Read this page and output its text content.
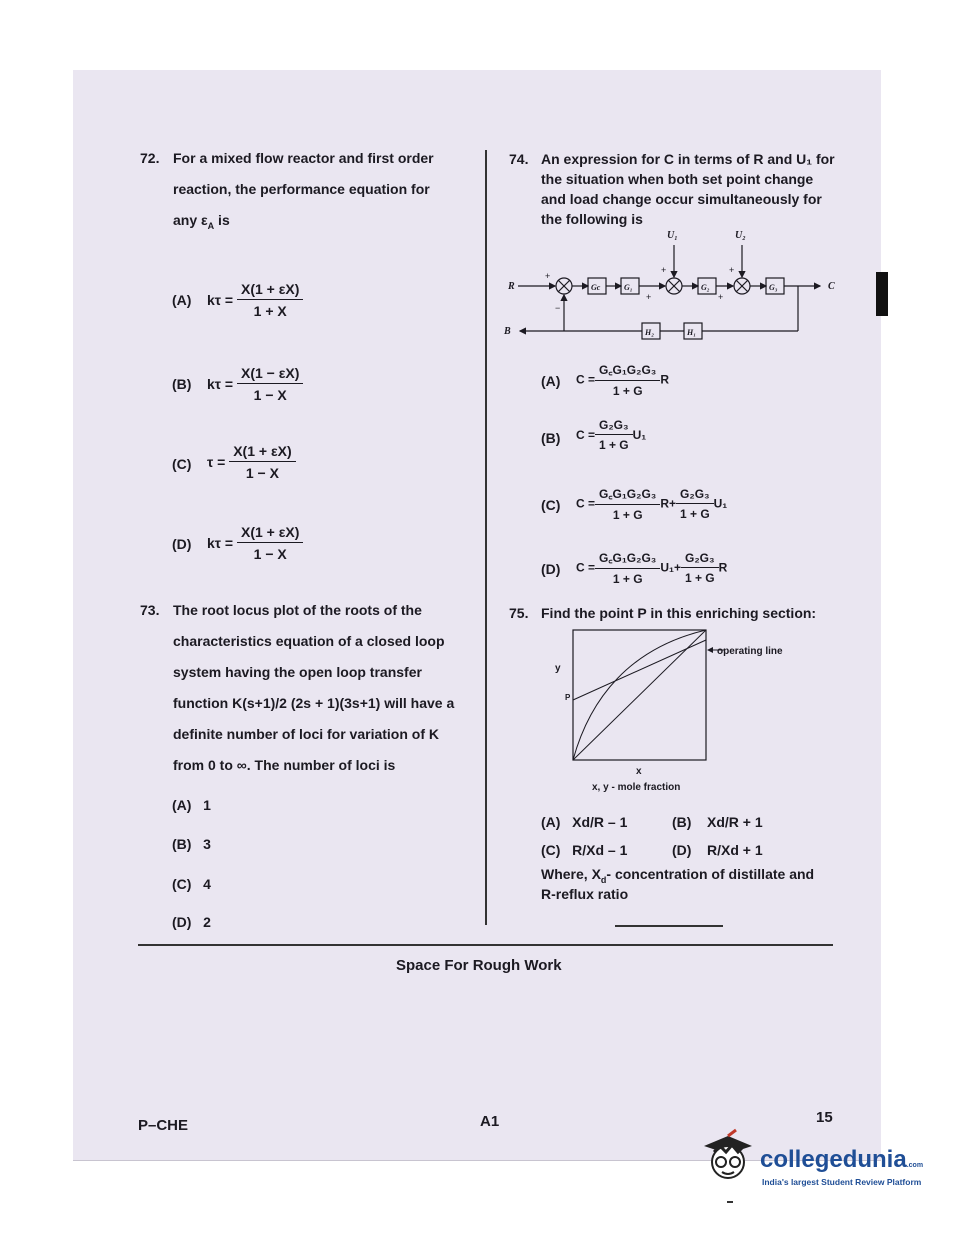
72. For a mixed flow reactor and first order
reaction, the performance equation for
any $\varepsilon_A$ is
(A) $k\tau = \frac{X(1 + \varepsilon X)}{1 + X}$
(B) $k\tau = \frac{X(1 - \varepsilon X)}{1 - X}$
(C) $\tau = \frac{X(1 + \varepsilon X)}{1 - X}$
(D) $k\tau = \frac{X(1 + \varepsilon X)}{1 - X}$
73. The root locus plot of the roots of the
characteristics equation of a closed loop
system having the open loop transfer
function K(s+1)/2 (2s + 1)(3s+1) will have a
definite number of loci for variation of K
from 0 to ∞. The number of loci is
(A) 1
(B) 3
(C) 4
(D) 2
74. An expression for C in terms of R and U₁ for
the situation when both set point change
and load change occur simultaneously for
the following is
R
B
C
U₁	U₂
Gc	G₁	G₂	G₃
H₂	H₁
+
−
+
+
+
+
(A) $C = \frac{\text{G꜀G₁G₂G₃}}{1 + G}$ R
(B) $C = \frac{\text{G₂G₃}}{1 + G} U_1$
(C) $C = \frac{\text{G꜀G₁G₂G₃}}{1 + G} R+ \frac{\text{G₂G₃}}{1 + G} U_1$
(D) $C = \frac{\text{G꜀G₁G₂G₃}}{1 + G} U_1+ \frac{\text{G₂G₃}}{1 + G}$ R
75. Find the point P in this enriching section:
y
P
x
x, y - mole fraction
operating line
(A) Xd/R – 1	(B) Xd/R + 1
(C) R/Xd – 1	(D) R/Xd + 1
Where, $X_d-$ concentration of distillate and
R-reflux ratio
Space For Rough Work
P–CHE	A1	15
collegedunia.com
India's largest Student Review Platform
